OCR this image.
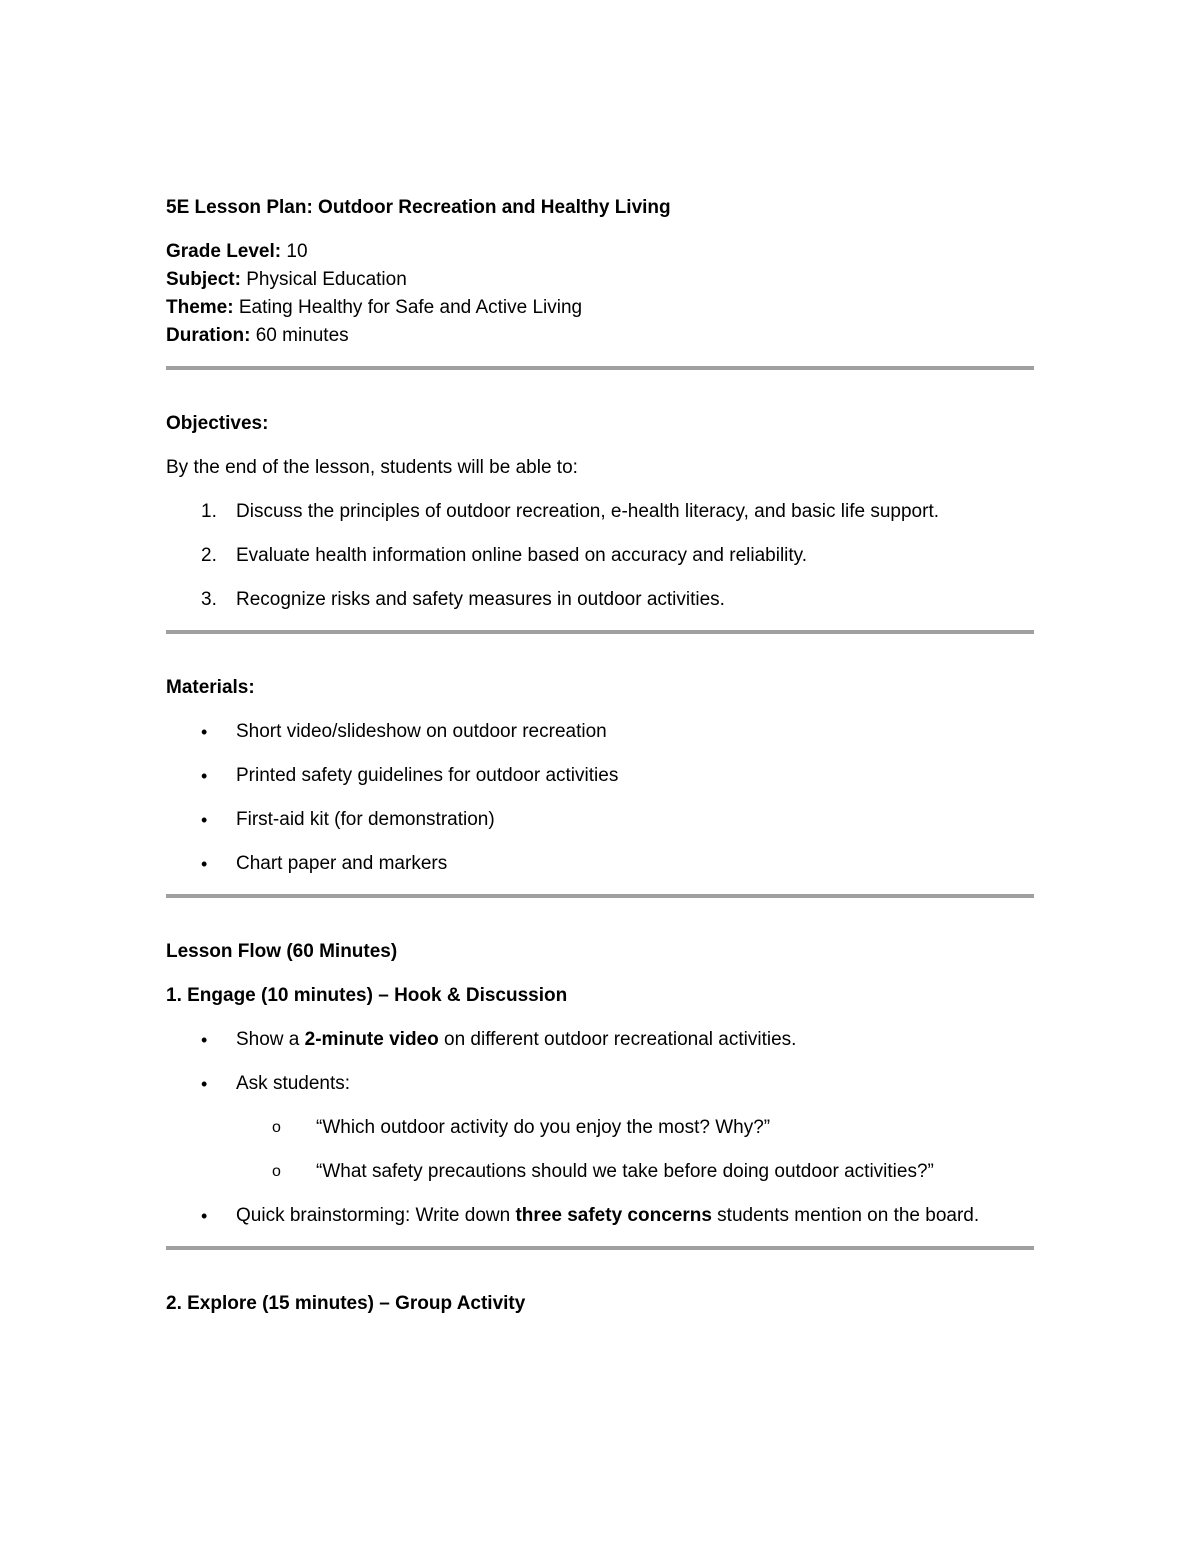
5E Lesson Plan: Outdoor Recreation and Healthy Living

Grade Level: 10

Subject: Physical Education

Theme: Eating Healthy for Safe and Active Living

Duration: 60 minutes

Objectives:

By the end of the lesson, students will be able to:

1. Discuss the principles of outdoor recreation, e-health literacy, and basic life support.
2. Evaluate health information online based on accuracy and reliability.
3. Recognize risks and safety measures in outdoor activities.

Materials:

• Short video/slideshow on outdoor recreation
• Printed safety guidelines for outdoor activities
• First-aid kit (for demonstration)
• Chart paper and markers

Lesson Flow (60 Minutes)

1. Engage (10 minutes) – Hook & Discussion

• Show a 2-minute video on different outdoor recreational activities.
• Ask students:
o “Which outdoor activity do you enjoy the most? Why?”
o “What safety precautions should we take before doing outdoor activities?”
• Quick brainstorming: Write down three safety concerns students mention on the board.

2. Explore (15 minutes) – Group Activity
